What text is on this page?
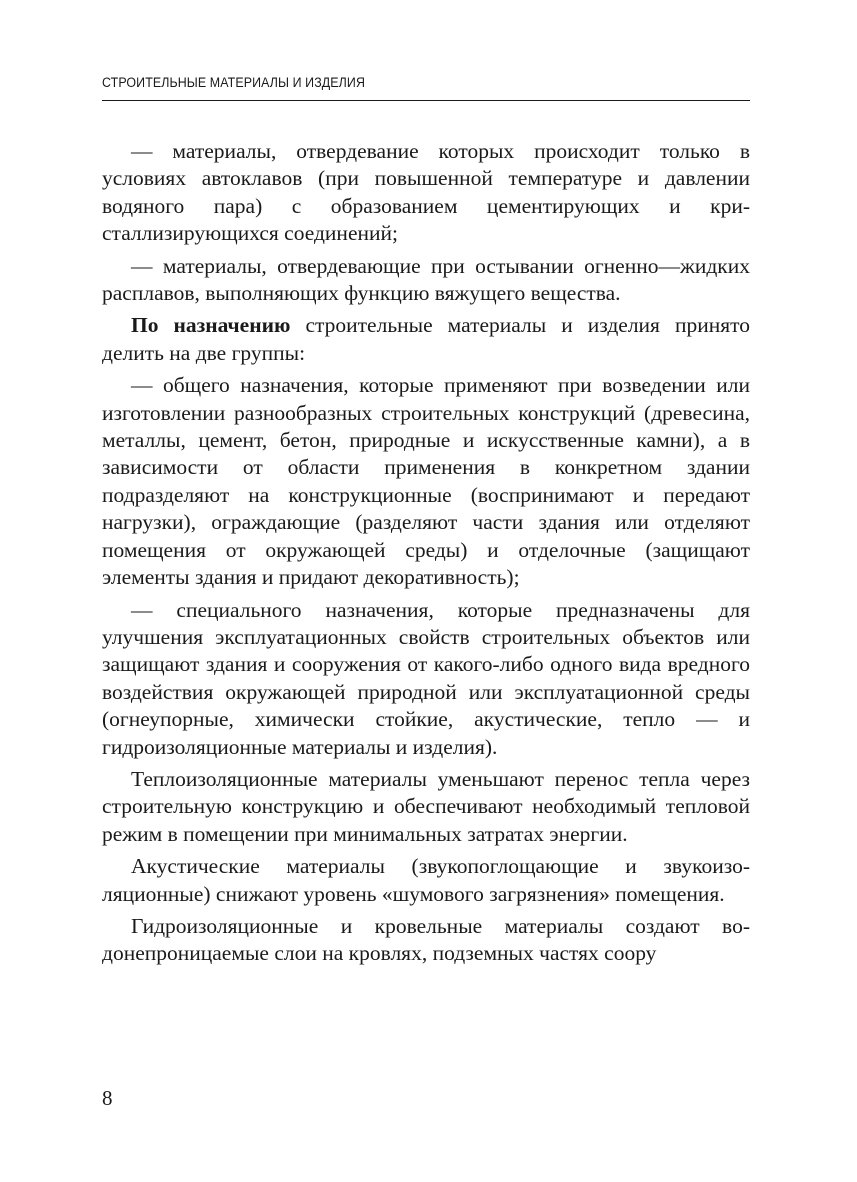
СТРОИТЕЛЬНЫЕ МАТЕРИАЛЫ И ИЗДЕЛИЯ

— материалы, отвердевание которых происходит только в условиях автоклавов (при повышенной температуре и давлении водяного пара) с образованием цементирующих и кристаллизирующихся соединений;

— материалы, отвердевающие при остывании огненно—жидких расплавов, выполняющих функцию вяжущего вещества.

По назначению строительные материалы и изделия принято делить на две группы:

— общего назначения, которые применяют при возведении или изготовлении разнообразных строительных конструкций (древесина, металлы, цемент, бетон, природные и искусственные камни), а в зависимости от области применения в конкретном здании подразделяют на конструкционные (воспринимают и передают нагрузки), ограждающие (разделяют части здания или отделяют помещения от окружающей среды) и отделочные (защищают элементы здания и придают декоративность);

— специального назначения, которые предназначены для улучшения эксплуатационных свойств строительных объектов или защищают здания и сооружения от какого-либо одного вида вредного воздействия окружающей природной или эксплуатационной среды (огнеупорные, химически стойкие, акустические, тепло — и гидроизоляционные материалы и изделия).

Теплоизоляционные материалы уменьшают перенос тепла через строительную конструкцию и обеспечивают необходимый тепловой режим в помещении при минимальных затратах энергии.

Акустические материалы (звукопоглощающие и звукоизоляционные) снижают уровень «шумового загрязнения» помещения.

Гидроизоляционные и кровельные материалы создают водонепроницаемые слои на кровлях, подземных частях соору

8
